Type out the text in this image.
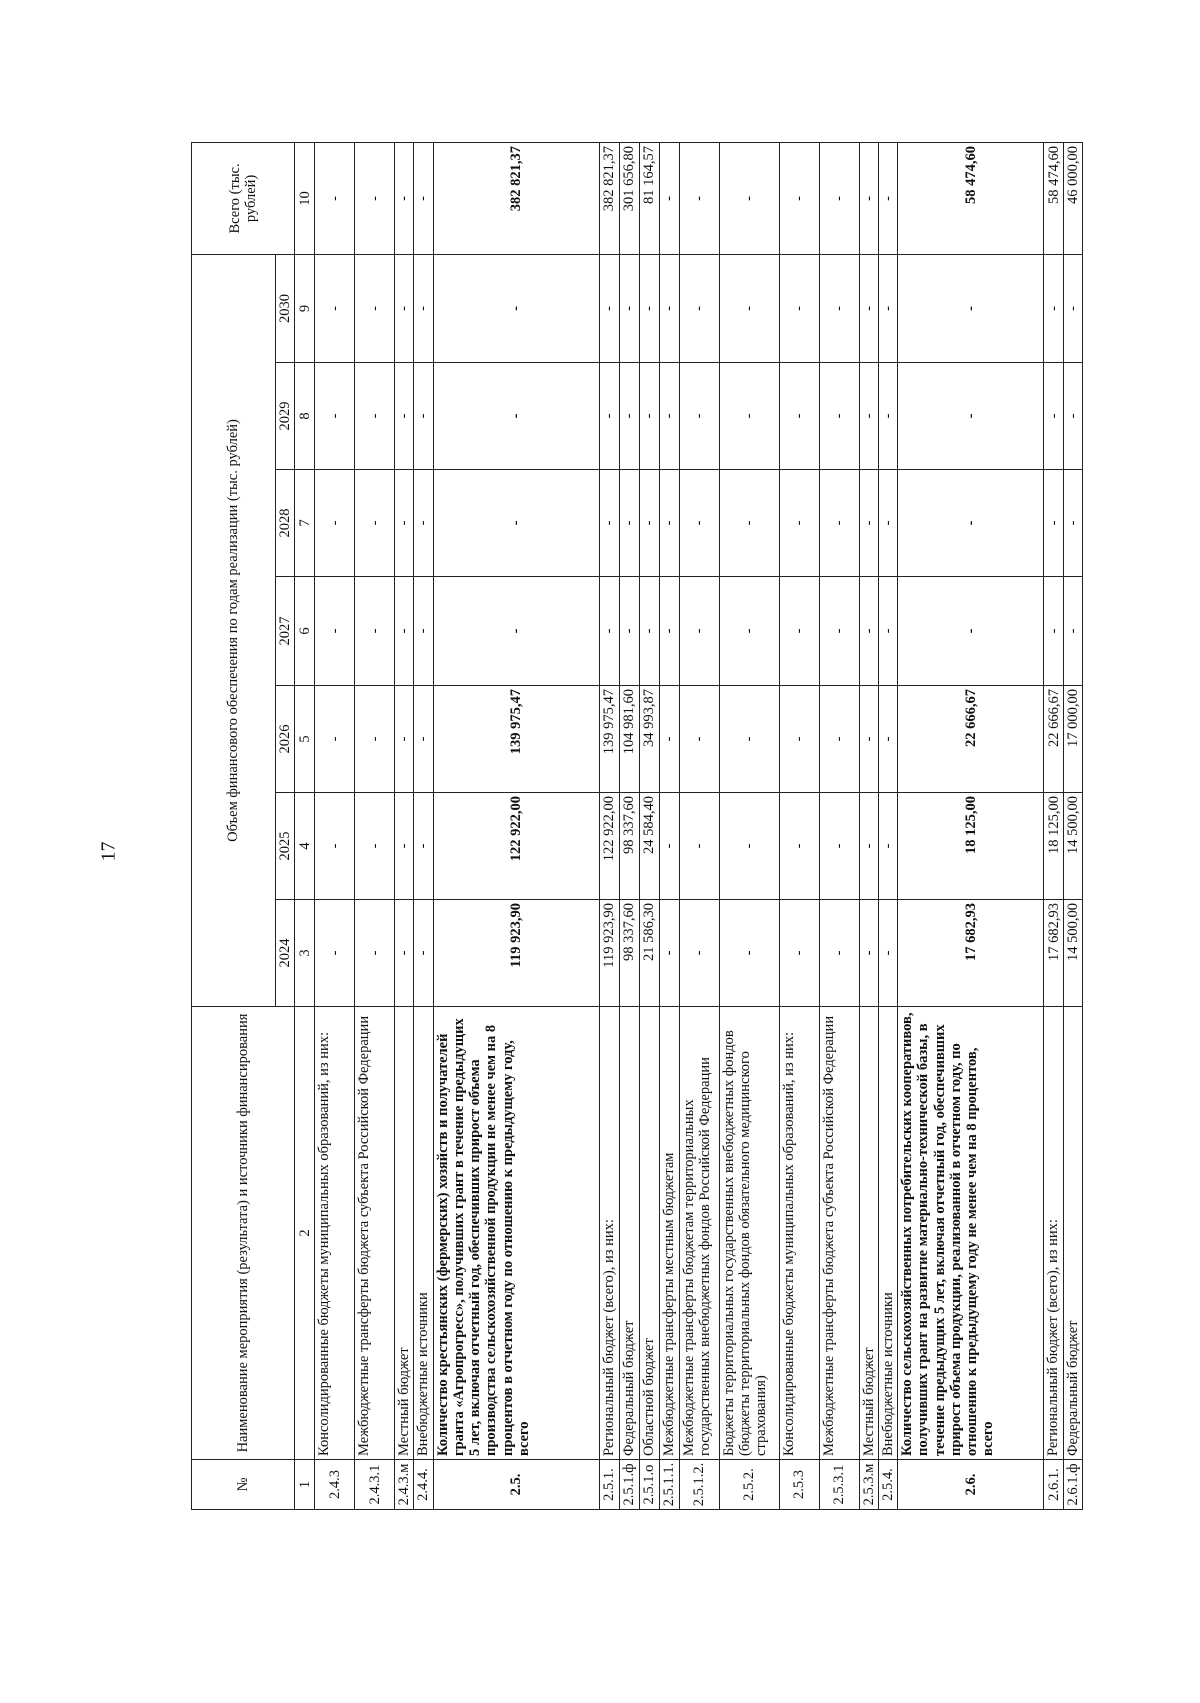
17
№	Наименование мероприятия (результата) и источники финансирования	Объем финансового обеспечения по годам реализации (тыс. рублей)							Всего (тыс. рублей)
		2024	2025	2026	2027	2028	2029	2030	
1	2	3	4	5	6	7	8	9	10
2.4.3	Консолидированные бюджеты муниципальных образований, из них:	-	-	-	-	-	-	-	-
2.4.3.1	Межбюджетные трансферты бюджета субъекта Российской Федерации	-	-	-	-	-	-	-	-
2.4.3.м	Местный бюджет	-	-	-	-	-	-	-	-
2.4.4.	Внебюджетные источники	-	-	-	-	-	-	-	-
2.5.	Количество крестьянских (фермерских) хозяйств и получателей гранта «Агропрогресс», получивших грант в течение предыдущих 5 лет, включая отчетный год, обеспечивших прирост объема производства сельскохозяйственной продукции не менее чем на 8 процентов в отчетном году по отношению к предыдущему году, всего	119 923,90	122 922,00	139 975,47	-	-	-	-	382 821,37
2.5.1.	Региональный бюджет (всего), из них:	119 923,90	122 922,00	139 975,47	-	-	-	-	382 821,37
2.5.1.ф	Федеральный бюджет	98 337,60	98 337,60	104 981,60	-	-	-	-	301 656,80
2.5.1.о	Областной бюджет	21 586,30	24 584,40	34 993,87	-	-	-	-	81 164,57
2.5.1.1.	Межбюджетные трансферты местным бюджетам	-	-	-	-	-	-	-	-
2.5.1.2.	Межбюджетные трансферты бюджетам территориальных государственных внебюджетных фондов Российской Федерации	-	-	-	-	-	-	-	-
2.5.2.	Бюджеты территориальных государственных внебюджетных фондов (бюджеты территориальных фондов обязательного медицинского страхования)	-	-	-	-	-	-	-	-
2.5.3	Консолидированные бюджеты муниципальных образований, из них:	-	-	-	-	-	-	-	-
2.5.3.1	Межбюджетные трансферты бюджета субъекта Российской Федерации	-	-	-	-	-	-	-	-
2.5.3.м	Местный бюджет	-	-	-	-	-	-	-	-
2.5.4.	Внебюджетные источники	-	-	-	-	-	-	-	-
2.6.	Количество сельскохозяйственных потребительских кооперативов, получивших грант на развитие материально-технической базы, в течение предыдущих 5 лет, включая отчетный год, обеспечивших прирост объема продукции, реализованной в отчетном году, по отношению к предыдущему году не менее чем на 8 процентов, всего	17 682,93	18 125,00	22 666,67	-	-	-	-	58 474,60
2.6.1.	Региональный бюджет (всего), из них:	17 682,93	18 125,00	22 666,67	-	-	-	-	58 474,60
2.6.1.ф	Федеральный бюджет	14 500,00	14 500,00	17 000,00	-	-	-	-	46 000,00
